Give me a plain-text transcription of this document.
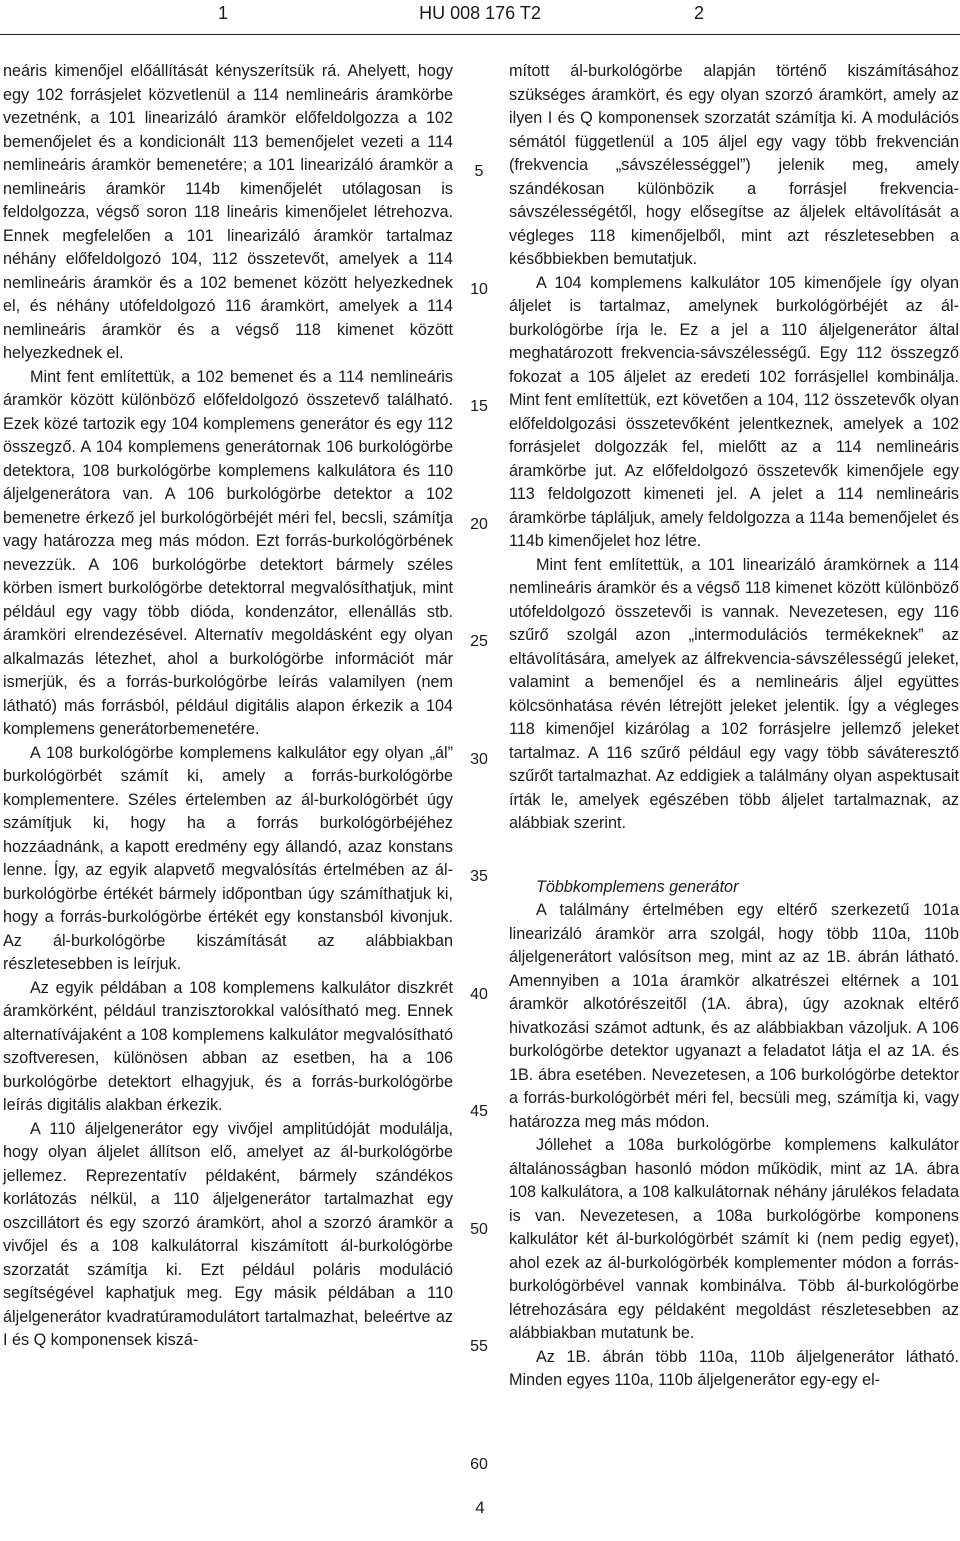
1	HU 008 176 T2	2

neáris kimenőjel előállítását kényszerítsük rá. Ahelyett, hogy egy 102 forrásjelet közvetlenül a 114 nemlineáris áramkörbe vezetnénk, a 101 linearizáló áramkör előfeldolgozza a 102 bemenőjelet és a kondicionált 113 bemenőjelet vezeti a 114 nemlineáris áramkör bemenetére; a 101 linearizáló áramkör a nemlineáris áramkör 114b kimenőjelét utólagosan is feldolgozza, végső soron 118 lineáris kimenőjelet létrehozva. Ennek megfelelően a 101 linearizáló áramkör tartalmaz néhány előfeldolgozó 104, 112 összetevőt, amelyek a 114 nemlineáris áramkör és a 102 bemenet között helyezkednek el, és néhány utófeldolgozó 116 áramkört, amelyek a 114 nemlineáris áramkör és a végső 118 kimenet között helyezkednek el.

Mint fent említettük, a 102 bemenet és a 114 nemlineáris áramkör között különböző előfeldolgozó összetevő található. Ezek közé tartozik egy 104 komplemens generátor és egy 112 összegző. A 104 komplemens generátornak 106 burkológörbe detektora, 108 burkológörbe komplemens kalkulátora és 110 áljelgenerátora van. A 106 burkológörbe detektor a 102 bemenetre érkező jel burkológörbéjét méri fel, becsli, számítja vagy határozza meg más módon. Ezt forrás-burkológörbének nevezzük. A 106 burkológörbe detektort bármely széles körben ismert burkológörbe detektorral megvalósíthatjuk, mint például egy vagy több dióda, kondenzátor, ellenállás stb. áramköri elrendezésével. Alternatív megoldásként egy olyan alkalmazás létezhet, ahol a burkológörbe információt már ismerjük, és a forrás-burkológörbe leírás valamilyen (nem látható) más forrásból, például digitális alapon érkezik a 104 komplemens generátorbemenetére.

A 108 burkológörbe komplemens kalkulátor egy olyan „ál” burkológörbét számít ki, amely a forrás-burkológörbe komplementere. Széles értelemben az ál-burkológörbét úgy számítjuk ki, hogy ha a forrás burkológörbéjéhez hozzáadnánk, a kapott eredmény egy állandó, azaz konstans lenne. Így, az egyik alapvető megvalósítás értelmében az ál-burkológörbe értékét bármely időpontban úgy számíthatjuk ki, hogy a forrás-burkológörbe értékét egy konstansból kivonjuk. Az ál-burkológörbe kiszámítását az alábbiakban részletesebben is leírjuk.

Az egyik példában a 108 komplemens kalkulátor diszkrét áramkörként, például tranzisztorokkal valósítható meg. Ennek alternatívájaként a 108 komplemens kalkulátor megvalósítható szoftveresen, különösen abban az esetben, ha a 106 burkológörbe detektort elhagyjuk, és a forrás-burkológörbe leírás digitális alakban érkezik.

A 110 áljelgenerátor egy vivőjel amplitúdóját modulálja, hogy olyan áljelet állítson elő, amelyet az ál-burkológörbe jellemez. Reprezentatív példaként, bármely szándékos korlátozás nélkül, a 110 áljelgenerátor tartalmazhat egy oszcillátort és egy szorzó áramkört, ahol a szorzó áramkör a vivőjel és a 108 kalkulátorral kiszámított ál-burkológörbe szorzatát számítja ki. Ezt például poláris moduláció segítségével kaphatjuk meg. Egy másik példában a 110 áljelgenerátor kvadratúramodulátort tartalmazhat, beleértve az I és Q komponensek kiszá-

mított ál-burkológörbe alapján történő kiszámításához szükséges áramkört, és egy olyan szorzó áramkört, amely az ilyen I és Q komponensek szorzatát számítja ki. A modulációs sémától függetlenül a 105 áljel egy vagy több frekvencián (frekvencia „sávszélességgel”) jelenik meg, amely szándékosan különbözik a forrásjel frekvencia-sávszélességétől, hogy elősegítse az áljelek eltávolítását a végleges 118 kimenőjelből, mint azt részletesebben a későbbiekben bemutatjuk.

A 104 komplemens kalkulátor 105 kimenőjele így olyan áljelet is tartalmaz, amelynek burkológörbéjét az ál-burkológörbe írja le. Ez a jel a 110 áljelgenerátor által meghatározott frekvencia-sávszélességű. Egy 112 összegző fokozat a 105 áljelet az eredeti 102 forrásjellel kombinálja. Mint fent említettük, ezt követően a 104, 112 összetevők olyan előfeldolgozási összetevőként jelentkeznek, amelyek a 102 forrásjelet dolgozzák fel, mielőtt az a 114 nemlineáris áramkörbe jut. Az előfeldolgozó összetevők kimenőjele egy 113 feldolgozott kimeneti jel. A jelet a 114 nemlineáris áramkörbe tápláljuk, amely feldolgozza a 114a bemenőjelet és 114b kimenőjelet hoz létre.

Mint fent említettük, a 101 linearizáló áramkörnek a 114 nemlineáris áramkör és a végső 118 kimenet között különböző utófeldolgozó összetevői is vannak. Nevezetesen, egy 116 szűrő szolgál azon „intermodulációs termékeknek” az eltávolítására, amelyek az álfrekvencia-sávszélességű jeleket, valamint a bemenőjel és a nemlineáris áljel együttes kölcsönhatása révén létrejött jeleket jelentik. Így a végleges 118 kimenőjel kizárólag a 102 forrásjelre jellemző jeleket tartalmaz. A 116 szűrő például egy vagy több sáváteresztő szűrőt tartalmazhat. Az eddigiek a találmány olyan aspektusait írták le, amelyek egészében több áljelet tartalmaznak, az alábbiak szerint.

Többkomplemens generátor

A találmány értelmében egy eltérő szerkezetű 101a linearizáló áramkör arra szolgál, hogy több 110a, 110b áljelgenerátort valósítson meg, mint az az 1B. ábrán látható. Amennyiben a 101a áramkör alkatrészei eltérnek a 101 áramkör alkotórészeitől (1A. ábra), úgy azoknak eltérő hivatkozási számot adtunk, és az alábbiakban vázoljuk. A 106 burkológörbe detektor ugyanazt a feladatot látja el az 1A. és 1B. ábra esetében. Nevezetesen, a 106 burkológörbe detektor a forrás-burkológörbét méri fel, becsüli meg, számítja ki, vagy határozza meg más módon.

Jóllehet a 108a burkológörbe komplemens kalkulátor általánosságban hasonló módon működik, mint az 1A. ábra 108 kalkulátora, a 108 kalkulátornak néhány járulékos feladata is van. Nevezetesen, a 108a burkológörbe komponens kalkulátor két ál-burkológörbét számít ki (nem pedig egyet), ahol ezek az ál-burkológörbék komplementer módon a forrás-burkológörbével vannak kombinálva. Több ál-burkológörbe létrehozására egy példaként megoldást részletesebben az alábbiakban mutatunk be.

Az 1B. ábrán több 110a, 110b áljelgenerátor látható. Minden egyes 110a, 110b áljelgenerátor egy-egy el-

5
10
15
20
25
30
35
40
45
50
55
60
4
